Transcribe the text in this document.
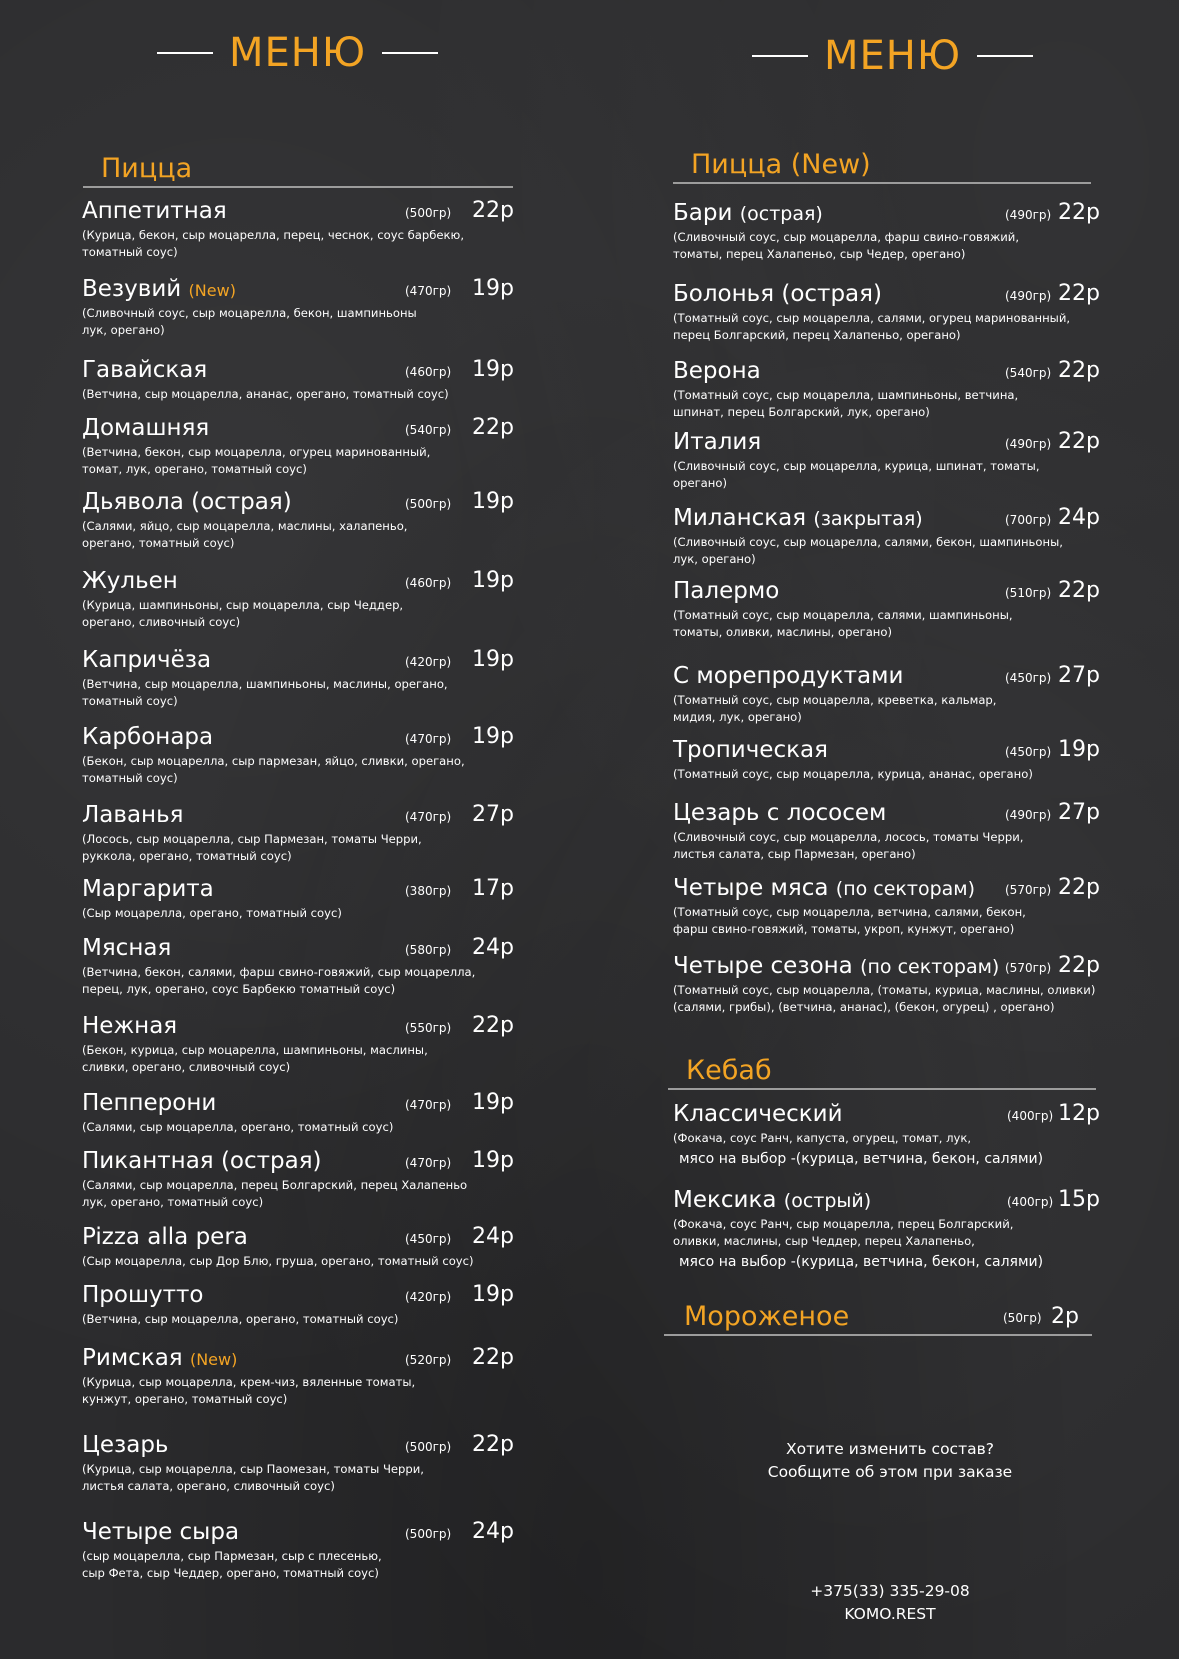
МЕНЮ
Пицца
Аппетитная	(500гр) 22р
(Курица, бекон, сыр моцарелла, перец, чеснок, соус барбекю,
томатный соус)
Везувий (New)	(470гр) 19р
(Сливочный соус, сыр моцарелла, бекон, шампиньоны
лук, орегано)
Гавайская	(460гр) 19р
(Ветчина, сыр моцарелла, ананас, орегано, томатный соус)
Домашняя	(540гр) 22р
(Ветчина, бекон, сыр моцарелла, огурец маринованный,
томат, лук, орегано, томатный соус)
Дьявола (острая)	(500гр) 19р
(Салями, яйцо, сыр моцарелла, маслины, халапеньо,
орегано, томатный соус)
Жульен	(460гр) 19р
(Курица, шампиньоны, сыр моцарелла, сыр Чеддер,
орегано, сливочный соус)
Капричёза	(420гр) 19р
(Ветчина, сыр моцарелла, шампиньоны, маслины, орегано,
томатный соус)
Карбонара	(470гр) 19р
(Бекон, сыр моцарелла, сыр пармезан, яйцо, сливки, орегано,
томатный соус)
Лаванья	(470гр) 27р
(Лосось, сыр моцарелла, сыр Пармезан, томаты Черри,
руккола, орегано, томатный соус)
Маргарита	(380гр) 17р
(Сыр моцарелла, орегано, томатный соус)
Мясная	(580гр) 24р
(Ветчина, бекон, салями, фарш свино-говяжий, сыр моцарелла,
перец, лук, орегано, соус Барбекю томатный соус)
Нежная	(550гр) 22р
(Бекон, курица, сыр моцарелла, шампиньоны, маслины,
сливки, орегано, сливочный соус)
Пепперони	(470гр) 19р
(Салями, сыр моцарелла, орегано, томатный соус)
Пикантная (острая)	(470гр) 19р
(Салями, сыр моцарелла, перец Болгарский, перец Халапеньо
лук, орегано, томатный соус)
Pizza alla pera	(450гр) 24р
(Сыр моцарелла, сыр Дор Блю, груша, орегано, томатный соус)
Прошутто	(420гр) 19р
(Ветчина, сыр моцарелла, орегано, томатный соус)
Римская (New)	(520гр) 22р
(Курица, сыр моцарелла, крем-чиз, вяленные томаты,
кунжут, орегано, томатный соус)
Цезарь	(500гр) 22р
(Курица, сыр моцарелла, сыр Паомезан, томаты Черри,
листья салата, орегано, сливочный соус)
Четыре сыра	(500гр) 24р
(сыр моцарелла, сыр Пармезан, сыр с плесенью,
сыр Фета, сыр Чеддер, орегано, томатный соус)
МЕНЮ
Пицца (New)
Бари (острая)	(490гр) 22р
(Сливочный соус, сыр моцарелла, фарш свино-говяжий,
томаты, перец Халапеньо, сыр Чедер, орегано)
Болонья (острая)	(490гр) 22р
(Томатный соус, сыр моцарелла, салями, огурец маринованный,
перец Болгарский, перец Халапеньо, орегано)
Верона	(540гр) 22р
(Томатный соус, сыр моцарелла, шампиньоны, ветчина,
шпинат, перец Болгарский, лук, орегано)
Италия	(490гр) 22р
(Сливочный соус, сыр моцарелла, курица, шпинат, томаты,
орегано)
Миланская (закрытая)	(700гр) 24р
(Сливочный соус, сыр моцарелла, салями, бекон, шампиньоны,
лук, орегано)
Палермо	(510гр) 22р
(Томатный соус, сыр моцарелла, салями, шампиньоны,
томаты, оливки, маслины, орегано)
С морепродуктами	(450гр) 27р
(Томатный соус, сыр моцарелла, креветка, кальмар,
мидия, лук, орегано)
Тропическая	(450гр) 19р
(Томатный соус, сыр моцарелла, курица, ананас, орегано)
Цезарь с лососем	(490гр) 27р
(Сливочный соус, сыр моцарелла, лосось, томаты Черри,
листья салата, сыр Пармезан, орегано)
Четыре мяса (по секторам) (570гр) 22р
(Томатный соус, сыр моцарелла, ветчина, салями, бекон,
фарш свино-говяжий, томаты, укроп, кунжут, орегано)
Четыре сезона (по секторам) (570гр) 22р
(Томатный соус, сыр моцарелла, (томаты, курица, маслины, оливки)
(салями, грибы), (ветчина, ананас), (бекон, огурец) , орегано)
Кебаб
Классический	(400гр) 12р
(Фокача, соус Ранч, капуста, огурец, томат, лук,
мясо на выбор -(курица, ветчина, бекон, салями)
Мексика (острый)	(400гр) 15р
(Фокача, соус Ранч, сыр моцарелла, перец Болгарский,
оливки, маслины, сыр Чеддер, перец Халапеньо,
мясо на выбор -(курица, ветчина, бекон, салями)
Мороженое	(50гр) 2р
Хотите изменить состав?
Сообщите об этом при заказе
+375(33) 335-29-08
KOMO.REST
